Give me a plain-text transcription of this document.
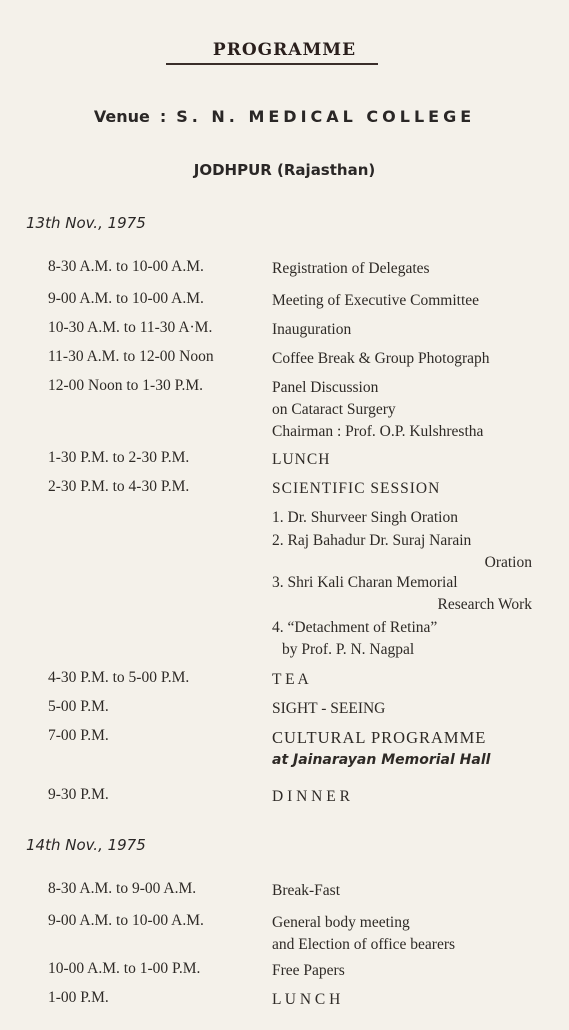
PROGRAMME
Venue : S. N. MEDICAL COLLEGE
JODHPUR (Rajasthan)
13th Nov., 1975
8-30 A.M. to 10-00 A.M.	Registration of Delegates
9-00 A.M. to 10-00 A.M.	Meeting of Executive Committee
10-30 A.M. to 11-30 A·M.	Inauguration
11-30 A.M. to 12-00 Noon	Coffee Break & Group Photograph
12-00 Noon to 1-30 P.M.	Panel Discussion
on Cataract Surgery
Chairman : Prof. O.P. Kulshrestha
1-30 P.M. to 2-30 P.M.	LUNCH
2-30 P.M. to 4-30 P.M.	SCIENTIFIC SESSION
1. Dr. Shurveer Singh Oration
2. Raj Bahadur Dr. Suraj Narain
Oration
3. Shri Kali Charan Memorial
Research Work
4. “Detachment of Retina”
by Prof. P. N. Nagpal
4-30 P.M. to 5-00 P.M.	T E A
5-00 P.M.	SIGHT - SEEING
7-00 P.M.	CULTURAL PROGRAMME
at Jainarayan Memorial Hall
9-30 P.M.	D I N N E R
14th Nov., 1975
8-30 A.M. to 9-00 A.M.	Break-Fast
9-00 A.M. to 10-00 A.M.	General body meeting
and Election of office bearers
10-00 A.M. to 1-00 P.M.	Free Papers
1-00 P.M.	L U N C H
